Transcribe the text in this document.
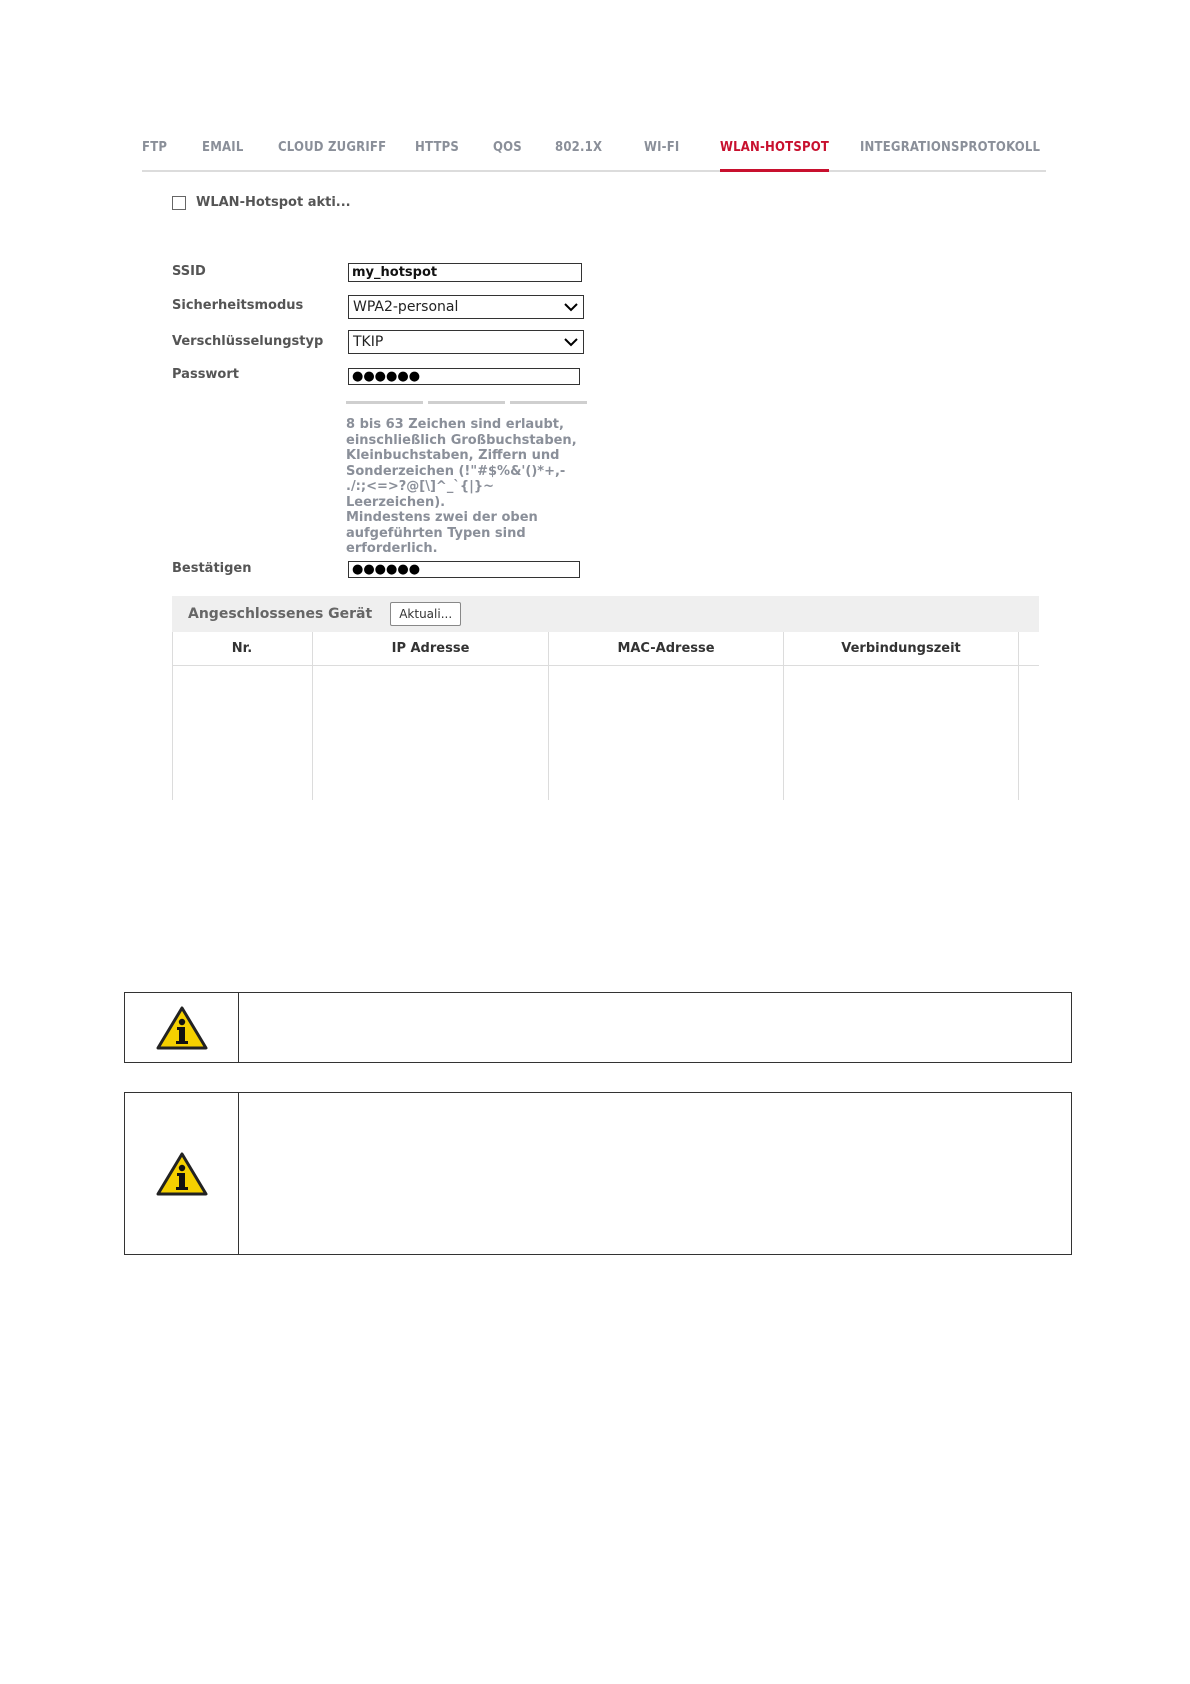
FTP	EMAIL	CLOUD ZUGRIFF HTTPS	QOS	802.1X	WI-FI	WLAN-HOTSPOT INTEGRATIONSPROTOKOLL
WLAN-Hotspot akti...
SSID	my_hotspot
Sicherheitsmodus	WPA2-personal
Verschlüsselungstyp TKIP
Passwort	●●●●●●
8 bis 63 Zeichen sind erlaubt,
einschließlich Großbuchstaben,
Kleinbuchstaben, Ziffern und
Sonderzeichen (!"#$%&'()*+,-
./:;<=>?@[\]^_`{|}~ Leerzeichen).
Mindestens zwei der oben
aufgeführten Typen sind
erforderlich.
Bestätigen	●●●●●●
Angeschlossenes Gerät	Aktuali...
Nr.	IP Adresse	MAC-Adresse	Verbindungszeit
